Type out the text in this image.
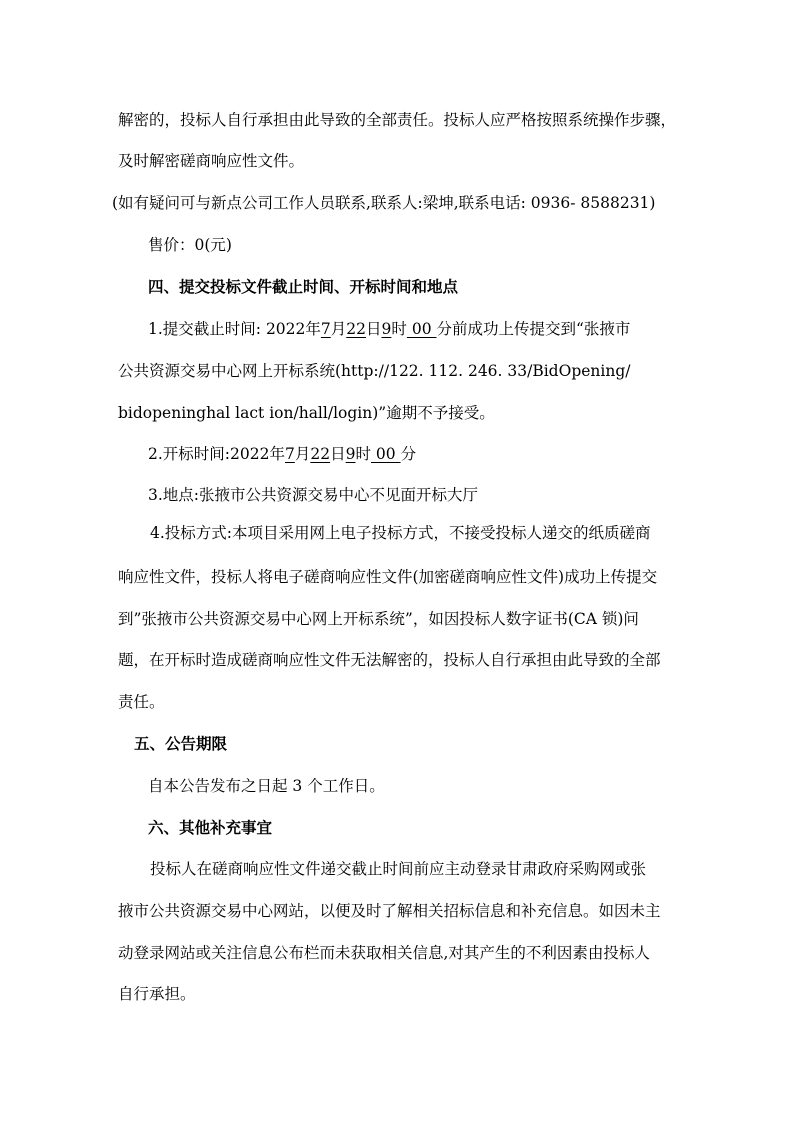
解密的，投标人自行承担由此导致的全部责任。投标人应严格按照系统操作步骤，
及时解密磋商响应性文件。
(如有疑问可与新点公司工作人员联系,联系人:梁坤,联系电话: 0936- 8588231)
售价：0(元)
四、提交投标文件截止时间、开标时间和地点
1.提交截止时间: 2022年7月22日9时 00 分前成功上传提交到“张掖市
公共资源交易中心网上开标系统(http://122. 112. 246. 33/BidOpening/
bidopeninghal lact ion/hall/login)”逾期不予接受。
2.开标时间:2022年7月22日9时 00 分
3.地点:张掖市公共资源交易中心不见面开标大厅
4.投标方式:本项目采用网上电子投标方式，不接受投标人递交的纸质磋商
响应性文件，投标人将电子磋商响应性文件(加密磋商响应性文件)成功上传提交
到”张掖市公共资源交易中心网上开标系统”，如因投标人数字证书(CA 锁)问
题，在开标时造成磋商响应性文件无法解密的，投标人自行承担由此导致的全部
责任。
五、公告期限
自本公告发布之日起 3 个工作日。
六、其他补充事宜
投标人在磋商响应性文件递交截止时间前应主动登录甘肃政府采购网或张
掖市公共资源交易中心网站，以便及时了解相关招标信息和补充信息。如因未主
动登录网站或关注信息公布栏而未获取相关信息,对其产生的不利因素由投标人
自行承担。
